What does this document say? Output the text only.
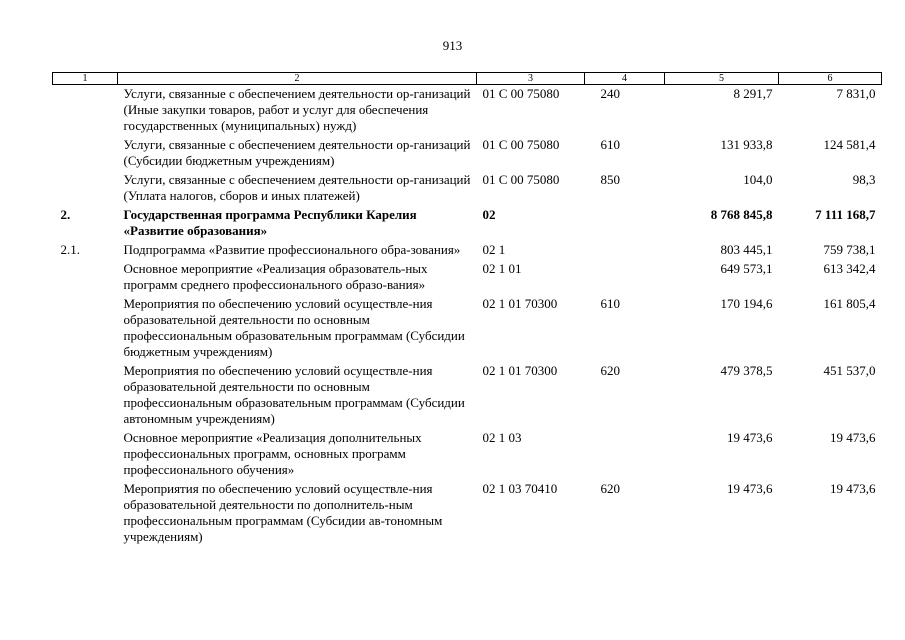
913
1	2	3	4	5	6
	Услуги, связанные с обеспечением деятельности ор-ганизаций (Иные закупки товаров, работ и услуг для обеспечения государственных (муниципальных) нужд)	01 С 00 75080	240	8 291,7	7 831,0
	Услуги, связанные с обеспечением деятельности ор-ганизаций (Субсидии бюджетным учреждениям)	01 С 00 75080	610	131 933,8	124 581,4
	Услуги, связанные с обеспечением деятельности ор-ганизаций (Уплата налогов, сборов и иных платежей)	01 С 00 75080	850	104,0	98,3
2.	Государственная программа Республики Карелия «Развитие образования»	02		8 768 845,8	7 111 168,7
2.1.	Подпрограмма «Развитие профессионального обра-зования»	02 1		803 445,1	759 738,1
	Основное мероприятие «Реализация образователь-ных программ среднего профессионального образо-вания»	02 1 01		649 573,1	613 342,4
	Мероприятия по обеспечению условий осуществле-ния образовательной деятельности по основным профессиональным образовательным программам (Субсидии бюджетным учреждениям)	02 1 01 70300	610	170 194,6	161 805,4
	Мероприятия по обеспечению условий осуществле-ния образовательной деятельности по основным профессиональным образовательным программам (Субсидии автономным учреждениям)	02 1 01 70300	620	479 378,5	451 537,0
	Основное мероприятие «Реализация дополнительных профессиональных программ, основных программ профессионального обучения»	02 1 03		19 473,6	19 473,6
	Мероприятия по обеспечению условий осуществле-ния образовательной деятельности по дополнитель-ным профессиональным программам (Субсидии ав-тономным учреждениям)	02 1 03 70410	620	19 473,6	19 473,6
